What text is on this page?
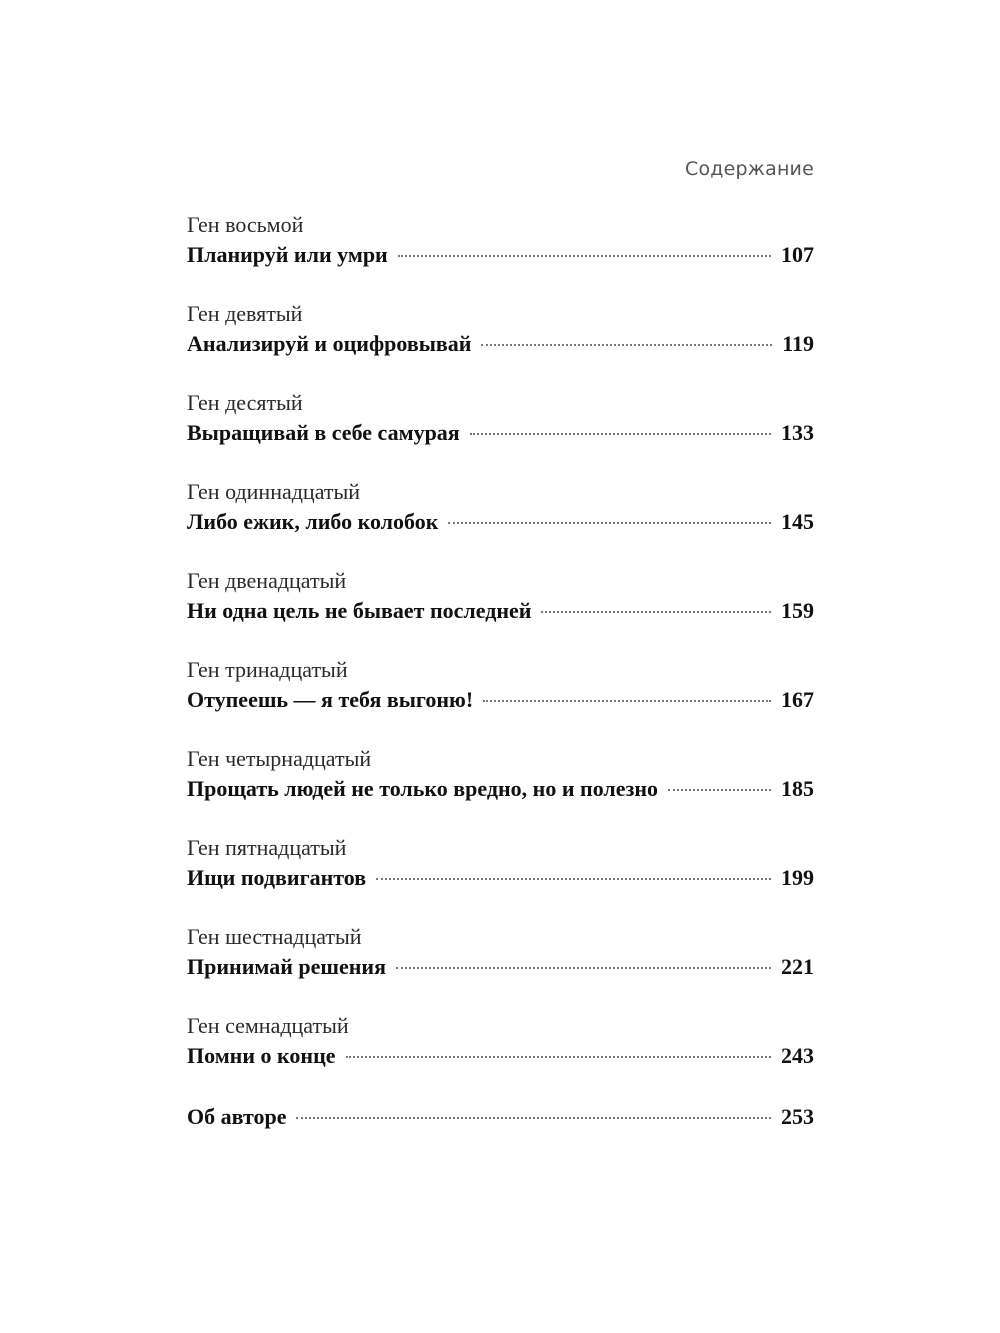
Содержание
Ген восьмой
Планируй или умри	107
Ген девятый
Анализируй и оцифровывай	119
Ген десятый
Выращивай в себе самурая	133
Ген одиннадцатый
Либо ежик, либо колобок	145
Ген двенадцатый
Ни одна цель не бывает последней	159
Ген тринадцатый
Отупеешь — я тебя выгоню!	167
Ген четырнадцатый
Прощать людей не только вредно, но и полезно	185
Ген пятнадцатый
Ищи подвигантов	199
Ген шестнадцатый
Принимай решения	221
Ген семнадцатый
Помни о конце	243
Об авторе	253
